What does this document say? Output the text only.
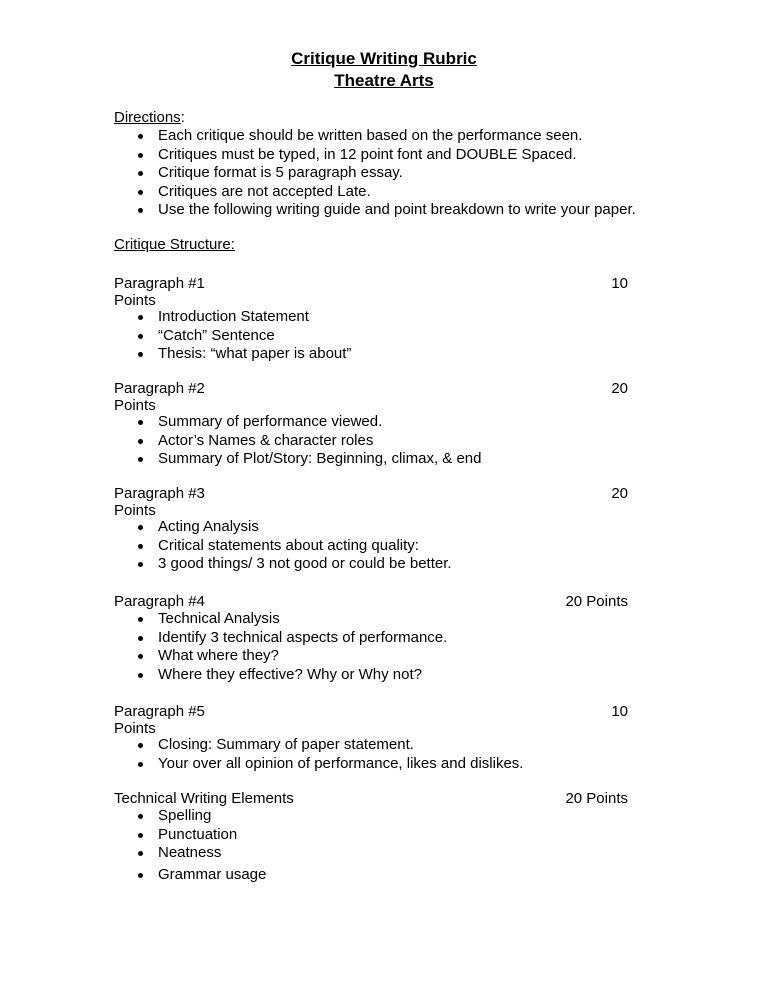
Critique Writing Rubric
Theatre Arts
Directions:
Each critique should be written based on the performance seen.
Critiques must be typed, in 12 point font and DOUBLE Spaced.
Critique format is 5 paragraph essay.
Critiques are not accepted Late.
Use the following writing guide and point breakdown to write your paper.
Critique Structure:
Paragraph #1	10
Points
Introduction Statement
“Catch” Sentence
Thesis: “what paper is about”
Paragraph #2	20
Points
Summary of performance viewed.
Actor’s Names & character roles
Summary of Plot/Story: Beginning, climax, & end
Paragraph #3	20
Points
Acting Analysis
Critical statements about acting quality:
3 good things/ 3 not good or could be better.
Paragraph #4	20 Points
Technical Analysis
Identify 3 technical aspects of performance.
What where they?
Where they effective? Why or Why not?
Paragraph #5	10
Points
Closing: Summary of paper statement.
Your over all opinion of performance, likes and dislikes.
Technical Writing Elements	20 Points
Spelling
Punctuation
Neatness
Grammar usage
